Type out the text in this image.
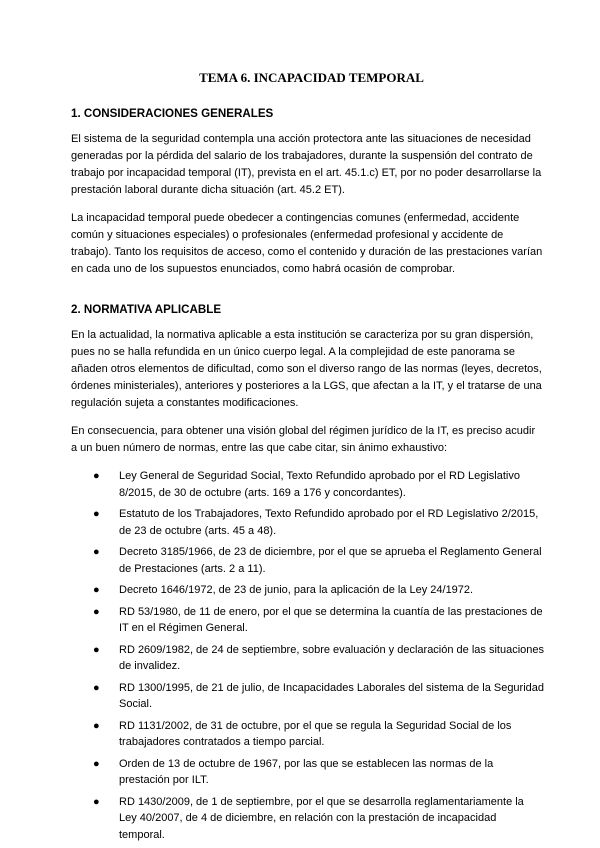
TEMA 6. INCAPACIDAD TEMPORAL
1. CONSIDERACIONES GENERALES

El sistema de la seguridad contempla una acción protectora ante las situaciones de necesidad generadas por la pérdida del salario de los trabajadores, durante la suspensión del contrato de trabajo por incapacidad temporal (IT), prevista en el art. 45.1.c) ET, por no poder desarrollarse la prestación laboral durante dicha situación (art. 45.2 ET).

La incapacidad temporal puede obedecer a contingencias comunes (enfermedad, accidente común y situaciones especiales) o profesionales (enfermedad profesional y accidente de trabajo). Tanto los requisitos de acceso, como el contenido y duración de las prestaciones varían en cada uno de los supuestos enunciados, como habrá ocasión de comprobar.

2. NORMATIVA APLICABLE

En la actualidad, la normativa aplicable a esta institución se caracteriza por su gran dispersión, pues no se halla refundida en un único cuerpo legal. A la complejidad de este panorama se añaden otros elementos de dificultad, como son el diverso rango de las normas (leyes, decretos, órdenes ministeriales), anteriores y posteriores a la LGS, que afectan a la IT, y el tratarse de una regulación sujeta a constantes modificaciones.

En consecuencia, para obtener una visión global del régimen jurídico de la IT, es preciso acudir a un buen número de normas, entre las que cabe citar, sin ánimo exhaustivo:

● Ley General de Seguridad Social, Texto Refundido aprobado por el RD Legislativo 8/2015, de 30 de octubre (arts. 169 a 176 y concordantes).
● Estatuto de los Trabajadores, Texto Refundido aprobado por el RD Legislativo 2/2015, de 23 de octubre (arts. 45 a 48).
● Decreto 3185/1966, de 23 de diciembre, por el que se aprueba el Reglamento General de Prestaciones (arts. 2 a 11).
● Decreto 1646/1972, de 23 de junio, para la aplicación de la Ley 24/1972.
● RD 53/1980, de 11 de enero, por el que se determina la cuantía de las prestaciones de IT en el Régimen General.
● RD 2609/1982, de 24 de septiembre, sobre evaluación y declaración de las situaciones de invalidez.
● RD 1300/1995, de 21 de julio, de Incapacidades Laborales del sistema de la Seguridad Social.
● RD 1131/2002, de 31 de octubre, por el que se regula la Seguridad Social de los trabajadores contratados a tiempo parcial.
● Orden de 13 de octubre de 1967, por las que se establecen las normas de la prestación por ILT.
● RD 1430/2009, de 1 de septiembre, por el que se desarrolla reglamentariamente la Ley 40/2007, de 4 de diciembre, en relación con la prestación de incapacidad temporal.
